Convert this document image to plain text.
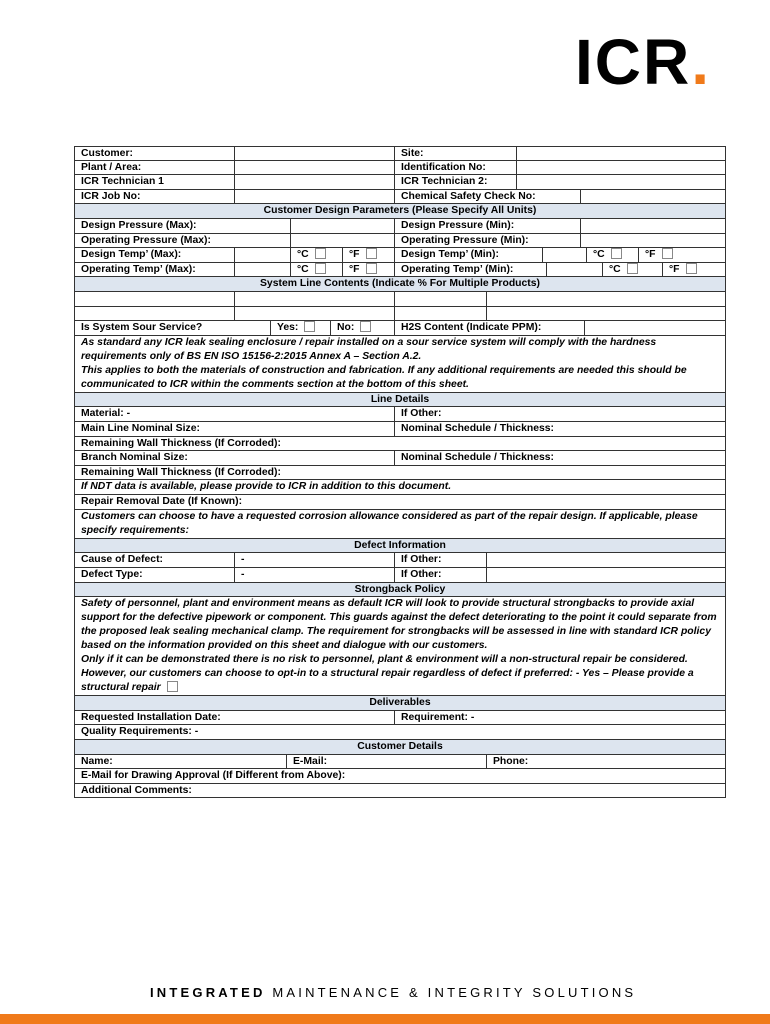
ICR.
Customer:	Site:
Plant / Area:	Identification No:
ICR Technician 1	ICR Technician 2:
ICR Job No:	Chemical Safety Check No:
Customer Design Parameters (Please Specify All Units)
Design Pressure (Max):	Design Pressure (Min):
Operating Pressure (Max):	Operating Pressure (Min):
Design Temp’ (Max):	°C	°F	Design Temp’ (Min):	°C	°F
Operating Temp’ (Max):	°C	°F	Operating Temp’ (Min):	°C	°F
System Line Contents (Indicate % For Multiple Products)
Is System Sour Service?	Yes:	No:	H2S Content (Indicate PPM):
As standard any ICR leak sealing enclosure / repair installed on a sour service system will comply with the hardness requirements only of BS EN ISO 15156-2:2015 Annex A – Section A.2.
This applies to both the materials of construction and fabrication. If any additional requirements are needed this should be communicated to ICR within the comments section at the bottom of this sheet.
Line Details
Material: -	If Other:
Main Line Nominal Size:	Nominal Schedule / Thickness:
Remaining Wall Thickness (If Corroded):
Branch Nominal Size:	Nominal Schedule / Thickness:
Remaining Wall Thickness (If Corroded):
If NDT data is available, please provide to ICR in addition to this document.
Repair Removal Date (If Known):
Customers can choose to have a requested corrosion allowance considered as part of the repair design. If applicable, please specify requirements:
Defect Information
Cause of Defect:	-	If Other:
Defect Type:	-	If Other:
Strongback Policy
Safety of personnel, plant and environment means as default ICR will look to provide structural strongbacks to provide axial support for the defective pipework or component. This guards against the defect deteriorating to the point it could separate from the proposed leak sealing mechanical clamp. The requirement for strongbacks will be assessed in line with standard ICR policy based on the information provided on this sheet and dialogue with our customers.
Only if it can be demonstrated there is no risk to personnel, plant & environment will a non-structural repair be considered.
However, our customers can choose to opt-in to a structural repair regardless of defect if preferred: - Yes – Please provide a structural repair
Deliverables
Requested Installation Date:	Requirement: -
Quality Requirements: -
Customer Details
Name:	E-Mail:	Phone:
E-Mail for Drawing Approval (If Different from Above):
Additional Comments:
INTEGRATED MAINTENANCE & INTEGRITY SOLUTIONS
